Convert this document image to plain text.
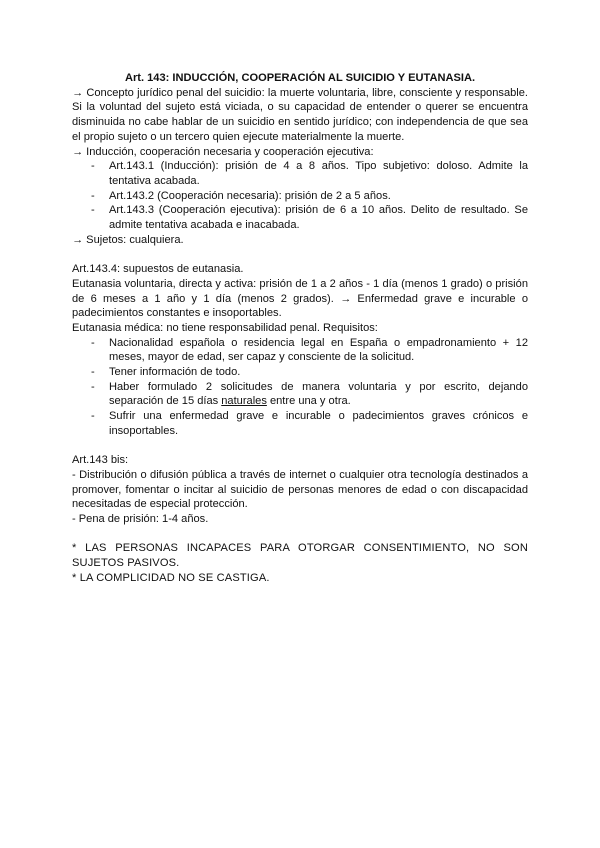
Art. 143: INDUCCIÓN, COOPERACIÓN AL SUICIDIO Y EUTANASIA.

→ Concepto jurídico penal del suicidio: la muerte voluntaria, libre, consciente y responsable. Si la voluntad del sujeto está viciada, o su capacidad de entender o querer se encuentra disminuida no cabe hablar de un suicidio en sentido jurídico; con independencia de que sea el propio sujeto o un tercero quien ejecute materialmente la muerte.

→ Inducción, cooperación necesaria y cooperación ejecutiva:

- Art.143.1 (Inducción): prisión de 4 a 8 años. Tipo subjetivo: doloso. Admite la tentativa acabada.
- Art.143.2 (Cooperación necesaria): prisión de 2 a 5 años.
- Art.143.3 (Cooperación ejecutiva): prisión de 6 a 10 años. Delito de resultado. Se admite tentativa acabada e inacabada.

→ Sujetos: cualquiera.

Art.143.4: supuestos de eutanasia.

Eutanasia voluntaria, directa y activa: prisión de 1 a 2 años - 1 día (menos 1 grado) o prisión de 6 meses a 1 año y 1 día (menos 2 grados). → Enfermedad grave e incurable o padecimientos constantes e insoportables.

Eutanasia médica: no tiene responsabilidad penal. Requisitos:

- Nacionalidad española o residencia legal en España o empadronamiento + 12 meses, mayor de edad, ser capaz y consciente de la solicitud.
- Tener información de todo.
- Haber formulado 2 solicitudes de manera voluntaria y por escrito, dejando separación de 15 días naturales entre una y otra.
- Sufrir una enfermedad grave e incurable o padecimientos graves crónicos e insoportables.

Art.143 bis:

- Distribución o difusión pública a través de internet o cualquier otra tecnología destinados a promover, fomentar o incitar al suicidio de personas menores de edad o con discapacidad necesitadas de especial protección.

- Pena de prisión: 1-4 años.

* LAS PERSONAS INCAPACES PARA OTORGAR CONSENTIMIENTO, NO SON SUJETOS PASIVOS.

* LA COMPLICIDAD NO SE CASTIGA.
